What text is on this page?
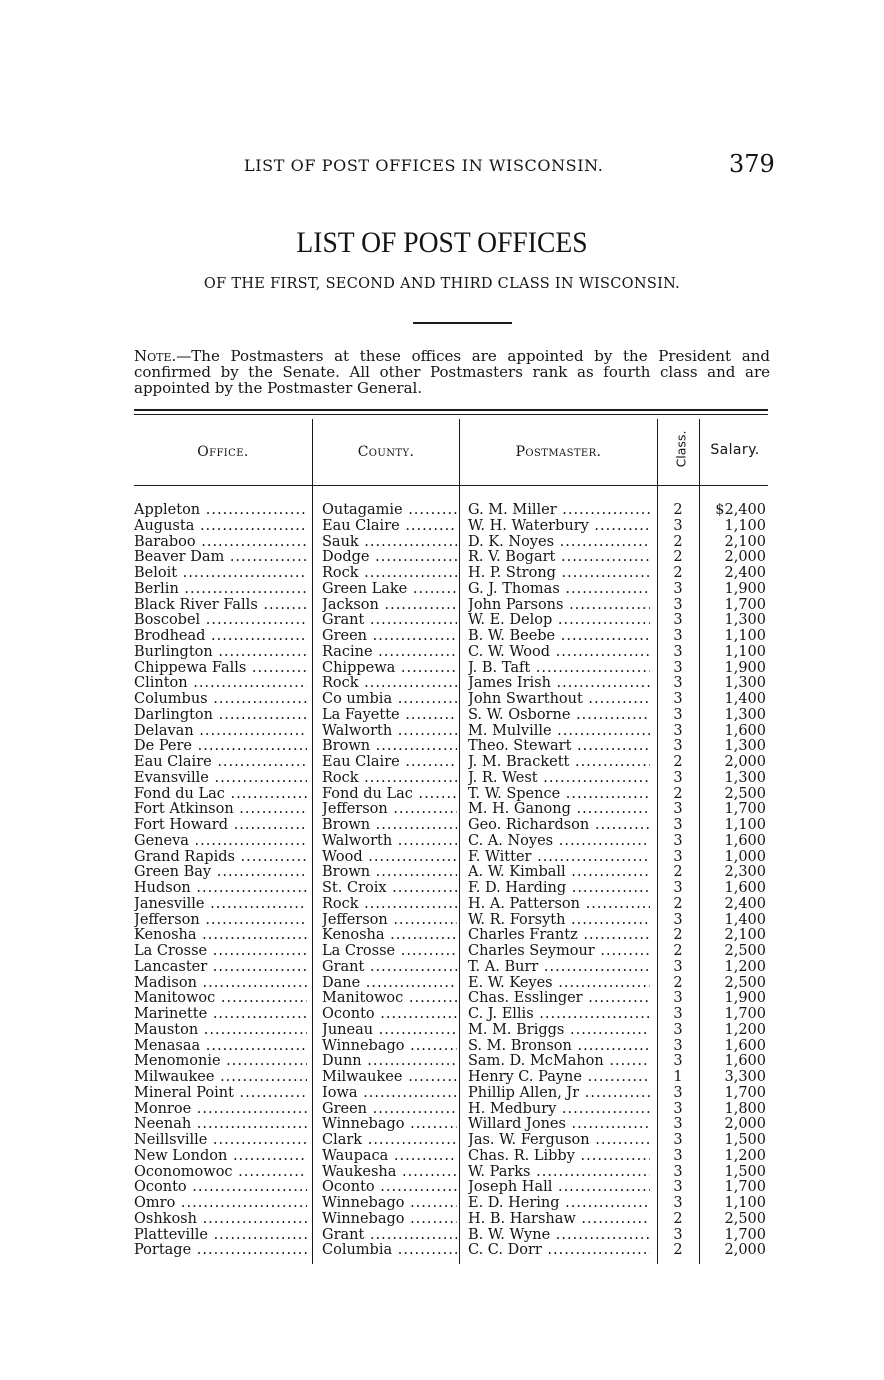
LIST OF POST OFFICES IN WISCONSIN.	379
LIST OF POST OFFICES
OF THE FIRST, SECOND AND THIRD CLASS IN WISCONSIN.
Note.—The Postmasters at these offices are appointed by the President and confirmed by the Senate. All other Postmasters rank as fourth class and are appointed by the Postmaster General.
Office.	County.	Postmaster.	Class.	Salary.
Appleton .....	Outagamie .....	G. M. Miller .....	2	$2,400
Augusta .....	Eau Claire .....	W. H. Waterbury .....	3	1,100
Baraboo .....	Sauk .....	D. K. Noyes .....	2	2,100
Beaver Dam .....	Dodge .....	R. V. Bogart .....	2	2,000
Beloit .....	Rock .....	H. P. Strong .....	2	2,400
Berlin .....	Green Lake .....	G. J. Thomas .....	3	1,900
Black River Falls .....	Jackson .....	John Parsons .....	3	1,700
Boscobel .....	Grant .....	W. E. Delop .....	3	1,300
Brodhead .....	Green .....	B. W. Beebe .....	3	1,100
Burlington .....	Racine .....	C. W. Wood .....	3	1,100
Chippewa Falls .....	Chippewa .....	J. B. Taft .....	3	1,900
Clinton .....	Rock .....	James Irish .....	3	1,300
Columbus .....	Co umbia .....	John Swarthout .....	3	1,400
Darlington .....	La Fayette .....	S. W. Osborne .....	3	1,300
Delavan .....	Walworth .....	M. Mulville .....	3	1,600
De Pere .....	Brown .....	Theo. Stewart .....	3	1,300
Eau Claire .....	Eau Claire .....	J. M. Brackett .....	2	2,000
Evansville .....	Rock .....	J. R. West .....	3	1,300
Fond du Lac .....	Fond du Lac .....	T. W. Spence .....	2	2,500
Fort Atkinson .....	Jefferson .....	M. H. Ganong .....	3	1,700
Fort Howard .....	Brown .....	Geo. Richardson .....	3	1,100
Geneva .....	Walworth .....	C. A. Noyes .....	3	1,600
Grand Rapids .....	Wood .....	F. Witter .....	3	1,000
Green Bay .....	Brown .....	A. W. Kimball .....	2	2,300
Hudson .....	St. Croix .....	F. D. Harding .....	3	1,600
Janesville .....	Rock .....	H. A. Patterson .....	2	2,400
Jefferson .....	Jefferson .....	W. R. Forsyth .....	3	1,400
Kenosha .....	Kenosha .....	Charles Frantz .....	2	2,100
La Crosse .....	La Crosse .....	Charles Seymour .....	2	2,500
Lancaster .....	Grant .....	T. A. Burr .....	3	1,200
Madison .....	Dane .....	E. W. Keyes .....	2	2,500
Manitowoc .....	Manitowoc .....	Chas. Esslinger .....	3	1,900
Marinette .....	Oconto .....	C. J. Ellis .....	3	1,700
Mauston .....	Juneau .....	M. M. Briggs .....	3	1,200
Menasaa .....	Winnebago .....	S. M. Bronson .....	3	1,600
Menomonie .....	Dunn .....	Sam. D. McMahon .....	3	1,600
Milwaukee .....	Milwaukee .....	Henry C. Payne .....	1	3,300
Mineral Point .....	Iowa .....	Phillip Allen, Jr .....	3	1,700
Monroe .....	Green .....	H. Medbury .....	3	1,800
Neenah .....	Winnebago .....	Willard Jones .....	3	2,000
Neillsville .....	Clark .....	Jas. W. Ferguson .....	3	1,500
New London .....	Waupaca .....	Chas. R. Libby .....	3	1,200
Oconomowoc .....	Waukesha .....	W. Parks .....	3	1,500
Oconto .....	Oconto .....	Joseph Hall .....	3	1,700
Omro .....	Winnebago .....	E. D. Hering .....	3	1,100
Oshkosh .....	Winnebago .....	H. B. Harshaw .....	2	2,500
Platteville .....	Grant .....	B. W. Wyne .....	3	1,700
Portage .....	Columbia .....	C. C. Dorr .....	2	2,000
